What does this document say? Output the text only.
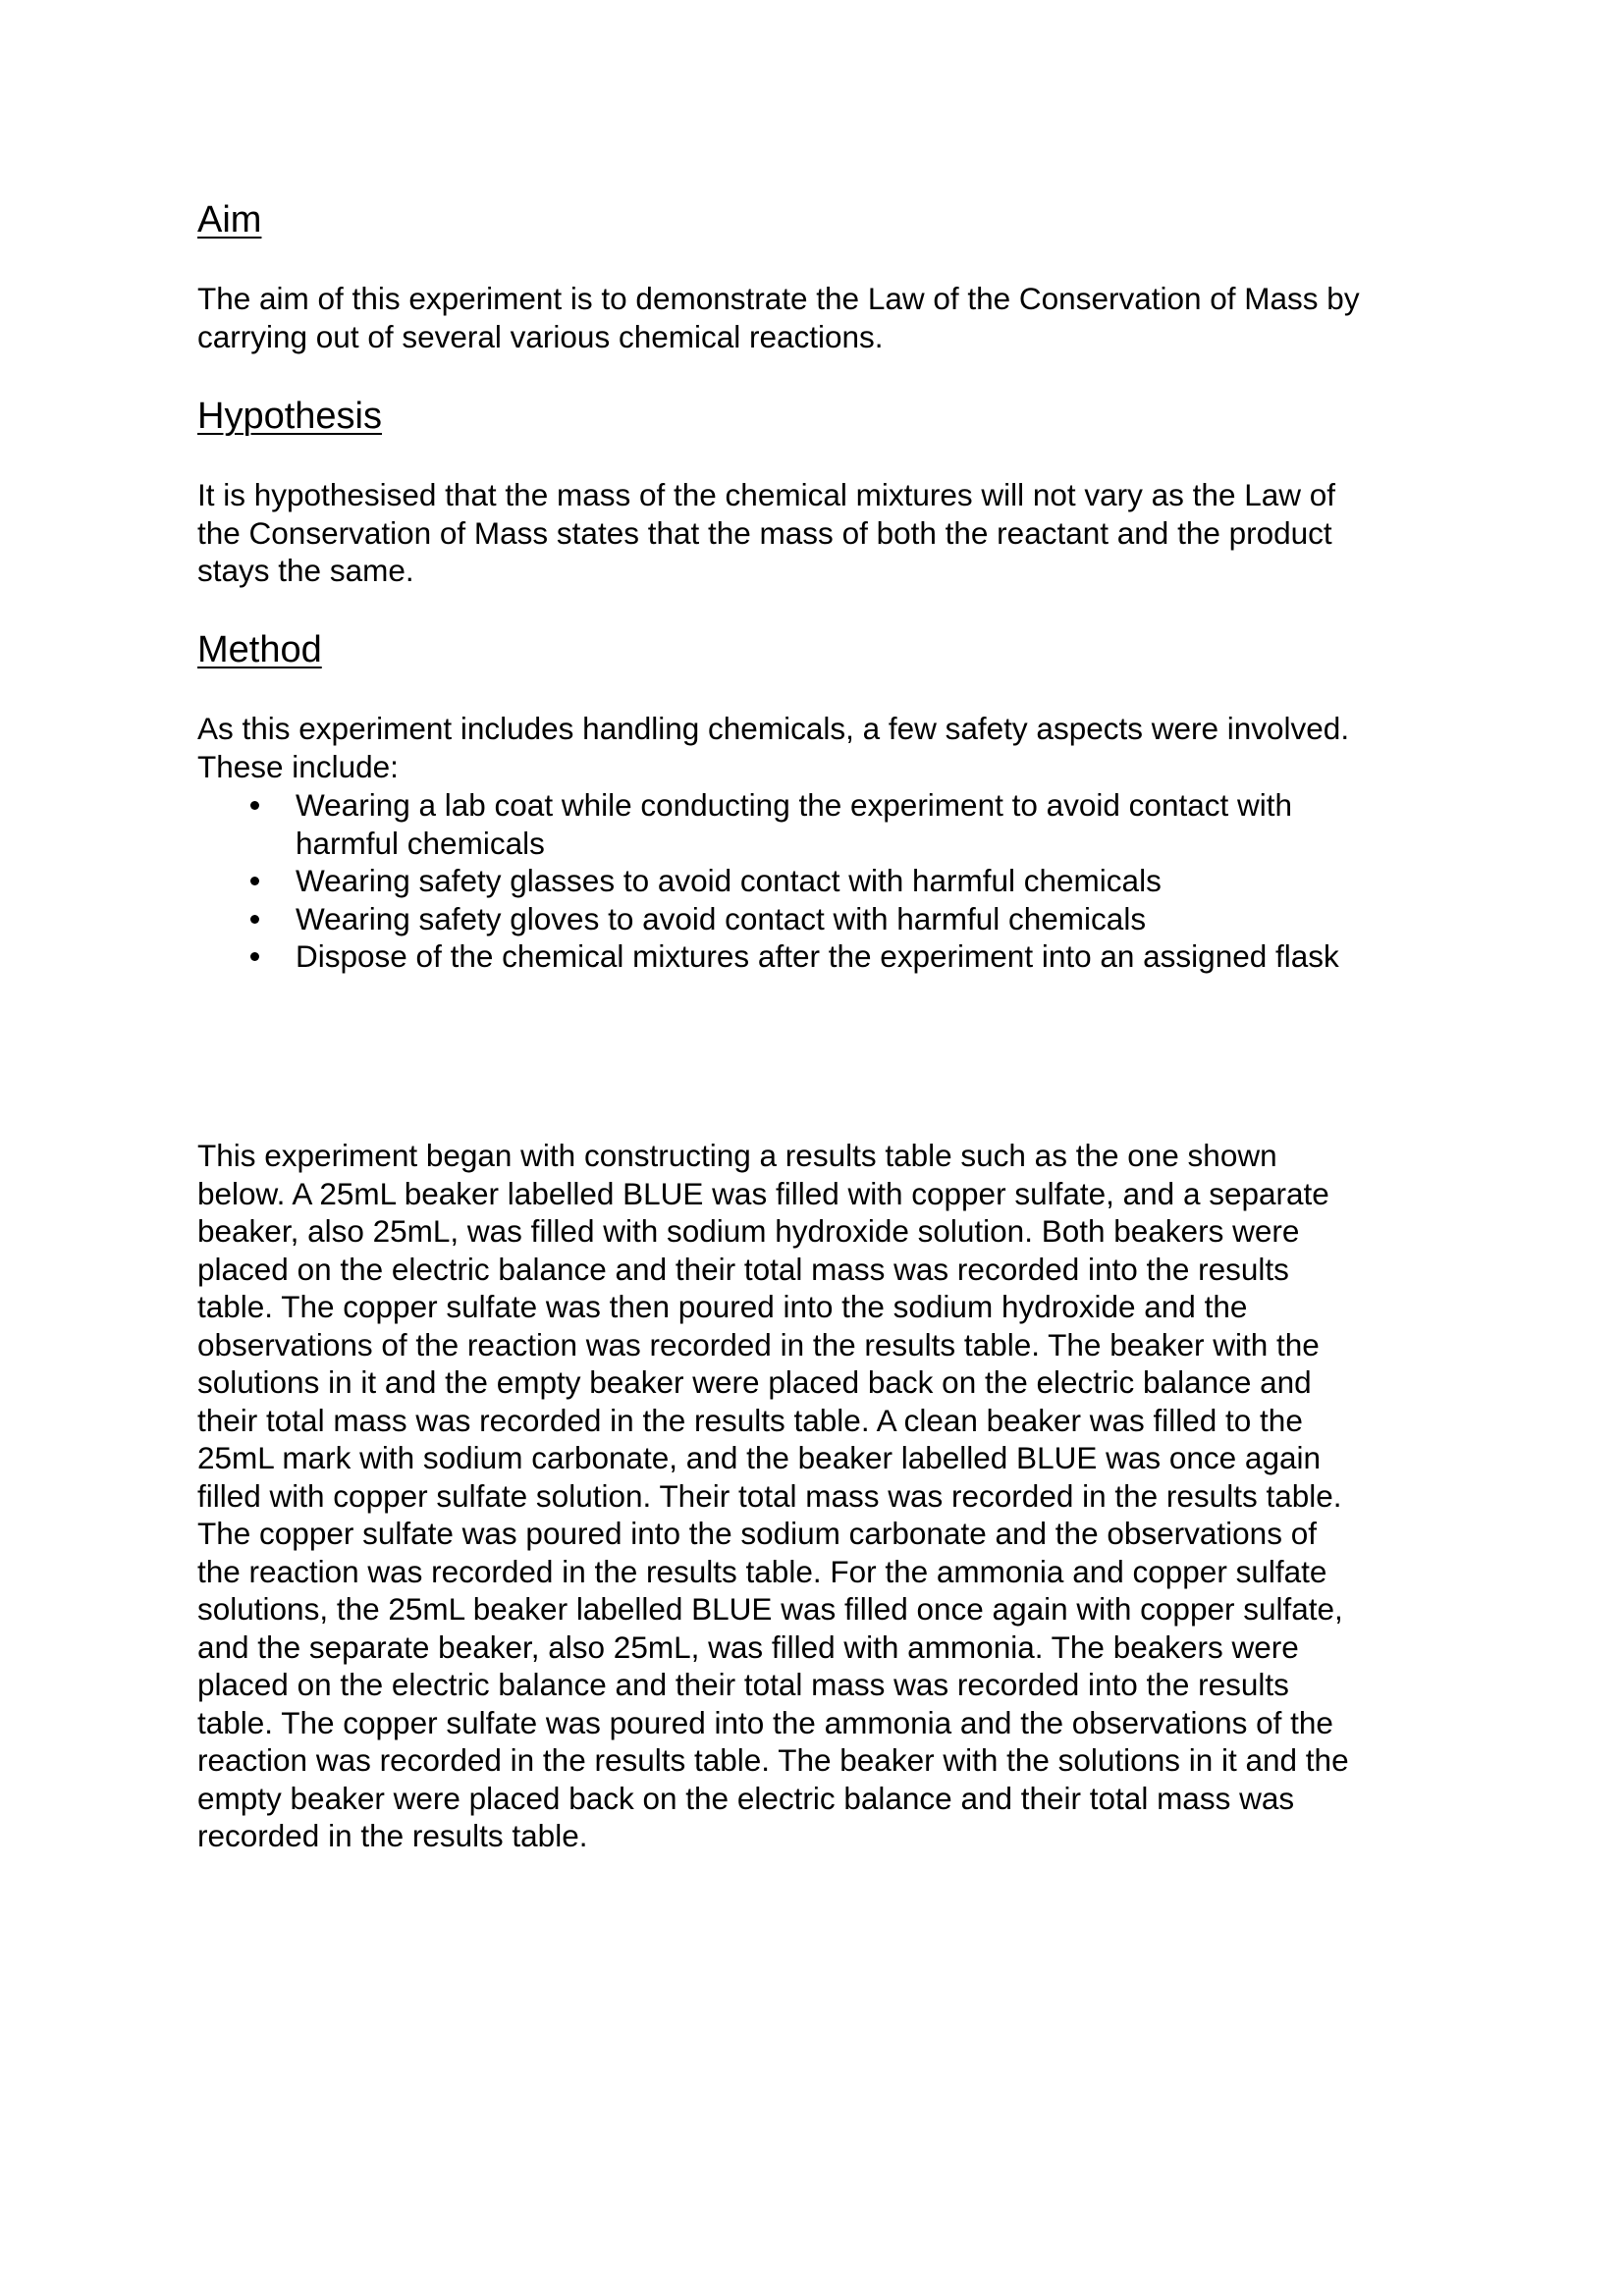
Aim

The aim of this experiment is to demonstrate the Law of the Conservation of Mass by
carrying out of several various chemical reactions.

Hypothesis

It is hypothesised that the mass of the chemical mixtures will not vary as the Law of
the Conservation of Mass states that the mass of both the reactant and the product
stays the same.

Method

As this experiment includes handling chemicals, a few safety aspects were involved.
These include:

Wearing a lab coat while conducting the experiment to avoid contact with
harmful chemicals
Wearing safety glasses to avoid contact with harmful chemicals
Wearing safety gloves to avoid contact with harmful chemicals
Dispose of the chemical mixtures after the experiment into an assigned flask

This experiment began with constructing a results table such as the one shown
below. A 25mL beaker labelled BLUE was filled with copper sulfate, and a separate
beaker, also 25mL, was filled with sodium hydroxide solution. Both beakers were
placed on the electric balance and their total mass was recorded into the results
table. The copper sulfate was then poured into the sodium hydroxide and the
observations of the reaction was recorded in the results table. The beaker with the
solutions in it and the empty beaker were placed back on the electric balance and
their total mass was recorded in the results table. A clean beaker was filled to the
25mL mark with sodium carbonate, and the beaker labelled BLUE was once again
filled with copper sulfate solution. Their total mass was recorded in the results table.
The copper sulfate was poured into the sodium carbonate and the observations of
the reaction was recorded in the results table. For the ammonia and copper sulfate
solutions, the 25mL beaker labelled BLUE was filled once again with copper sulfate,
and the separate beaker, also 25mL, was filled with ammonia. The beakers were
placed on the electric balance and their total mass was recorded into the results
table. The copper sulfate was poured into the ammonia and the observations of the
reaction was recorded in the results table. The beaker with the solutions in it and the
empty beaker were placed back on the electric balance and their total mass was
recorded in the results table.
